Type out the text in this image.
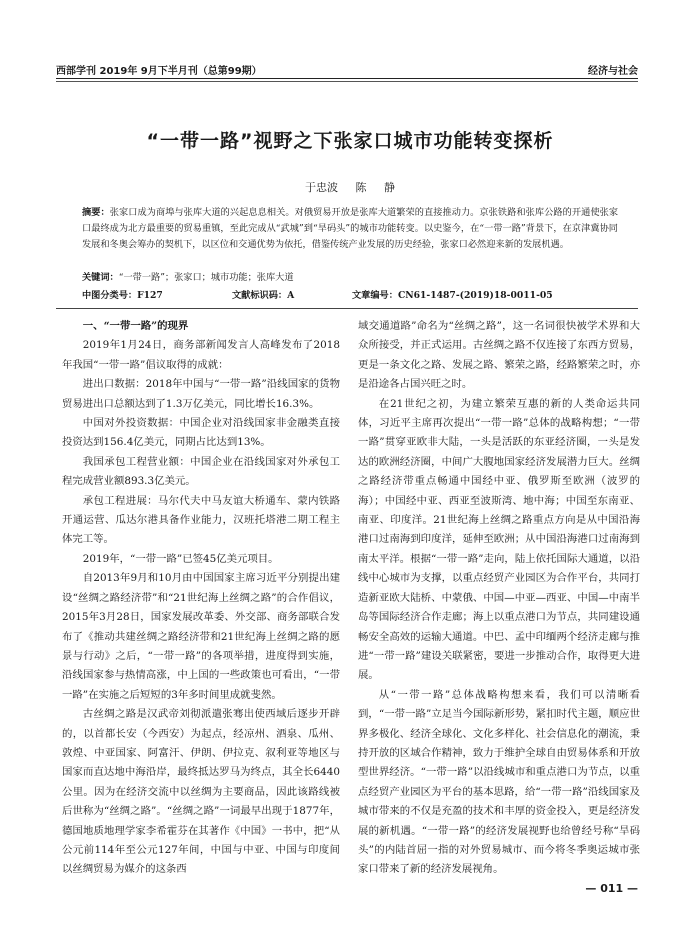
西部学刊 2019年 9月下半月刊（总第99期）	经济与社会
“一带一路”视野之下张家口城市功能转变探析
于忠波 陈 静
摘要：张家口成为商埠与张库大道的兴起息息相关。对俄贸易开放是张库大道繁荣的直接推动力。京张铁路和张库公路的开通使张家口最终成为北方最重要的贸易重镇，至此完成从“武城”到“旱码头”的城市功能转变。以史鉴今，在“一带一路”背景下，在京津冀协同发展和冬奥会筹办的契机下，以区位和交通优势为依托，借鉴传统产业发展的历史经验，张家口必然迎来新的发展机遇。
关键词：“一带一路”；张家口；城市功能；张库大道
中图分类号：F127	文献标识码：A	文章编号：CN61-1487-(2019)18-0011-05

一、“一带一路”的现界

2019年1月24日，商务部新闻发言人高峰发布了2018年我国“一带一路”倡议取得的成就：

进出口数据：2018年中国与“一带一路”沿线国家的货物贸易进出口总额达到了1.3万亿美元，同比增长16.3%。

中国对外投资数据：中国企业对沿线国家非金融类直接投资达到156.4亿美元，同期占比达到13%。

我国承包工程营业额：中国企业在沿线国家对外承包工程完成营业额893.3亿美元。

承包工程进展：马尔代夫中马友谊大桥通车、蒙内铁路开通运营、瓜达尔港具备作业能力，汉班托塔港二期工程主体完工等。

2019年，“一带一路”已签45亿美元项目。

自2013年9月和10月由中国国家主席习近平分别提出建设“丝绸之路经济带”和“21世纪海上丝绸之路”的合作倡议，2015年3月28日，国家发展改革委、外交部、商务部联合发布了《推动共建丝绸之路经济带和21世纪海上丝绸之路的愿景与行动》之后，“一带一路”的各项举措，进度得到实施，沿线国家参与热情高涨，中上国的一些政策也可看出，“一带一路”在实施之后短短的3年多时间里成就斐然。

古丝绸之路是汉武帝刘彻派遣张骞出使西域后逐步开辟的，以首都长安（今西安）为起点，经凉州、酒泉、瓜州、敦煌、中亚国家、阿富汗、伊朗、伊拉克、叙利亚等地区与国家而直达地中海沿岸，最终抵达罗马为终点，其全长6440公里。因为在经济交流中以丝绸为主要商品，因此该路线被后世称为“丝绸之路”。“丝绸之路”一词最早出现于1877年，德国地质地理学家李希霍芬在其著作《中国》一书中，把“从公元前114年至公元127年间，中国与中亚、中国与印度间以丝绸贸易为媒介的这条西

域交通道路”命名为“丝绸之路”，这一名词很快被学术界和大众所接受，并正式运用。古丝绸之路不仅连接了东西方贸易，更是一条文化之路、发展之路、繁荣之路，经路繁荣之时，亦是沿途各占国兴旺之时。

在21世纪之初，为建立繁荣互惠的新的人类命运共同体，习近平主席再次提出“一带一路”总体的战略构想；“一带一路”贯穿亚欧非大陆，一头是活跃的东亚经济圈，一头是发达的欧洲经济圈，中间广大腹地国家经济发展潜力巨大。丝绸之路经济带重点畅通中国经中亚、俄罗斯至欧洲（波罗的海）；中国经中亚、西亚至波斯湾、地中海；中国至东南亚、南亚、印度洋。21世纪海上丝绸之路重点方向是从中国沿海港口过南海到印度洋，延伸至欧洲；从中国沿海港口过南海到南太平洋。根据“一带一路”走向，陆上依托国际大通道，以沿线中心城市为支撑，以重点经贸产业园区为合作平台，共同打造新亚欧大陆桥、中蒙俄、中国—中亚—西亚、中国—中南半岛等国际经济合作走廊；海上以重点港口为节点，共同建设通畅安全高效的运输大通道。中巴、孟中印缅两个经济走廊与推进“一带一路”建设关联紧密，要进一步推动合作，取得更大进展。

从“一带一路”总体战略构想来看，我们可以清晰看到，“一带一路”立足当今国际新形势，紧扣时代主题，顺应世界多极化、经济全球化、文化多样化、社会信息化的潮流，秉持开放的区域合作精神，致力于维护全球自由贸易体系和开放型世界经济。“一带一路”以沿线城市和重点港口为节点，以重点经贸产业园区为平台的基本思路，给“一带一路”沿线国家及城市带来的不仅是充盈的技术和丰厚的资金投入，更是经济发展的新机遇。“一带一路”的经济发展视野也给曾经号称“旱码头”的内陆首屈一指的对外贸易城市、而今将冬季奥运城市张家口带来了新的经济发展视角。

— 011 —
